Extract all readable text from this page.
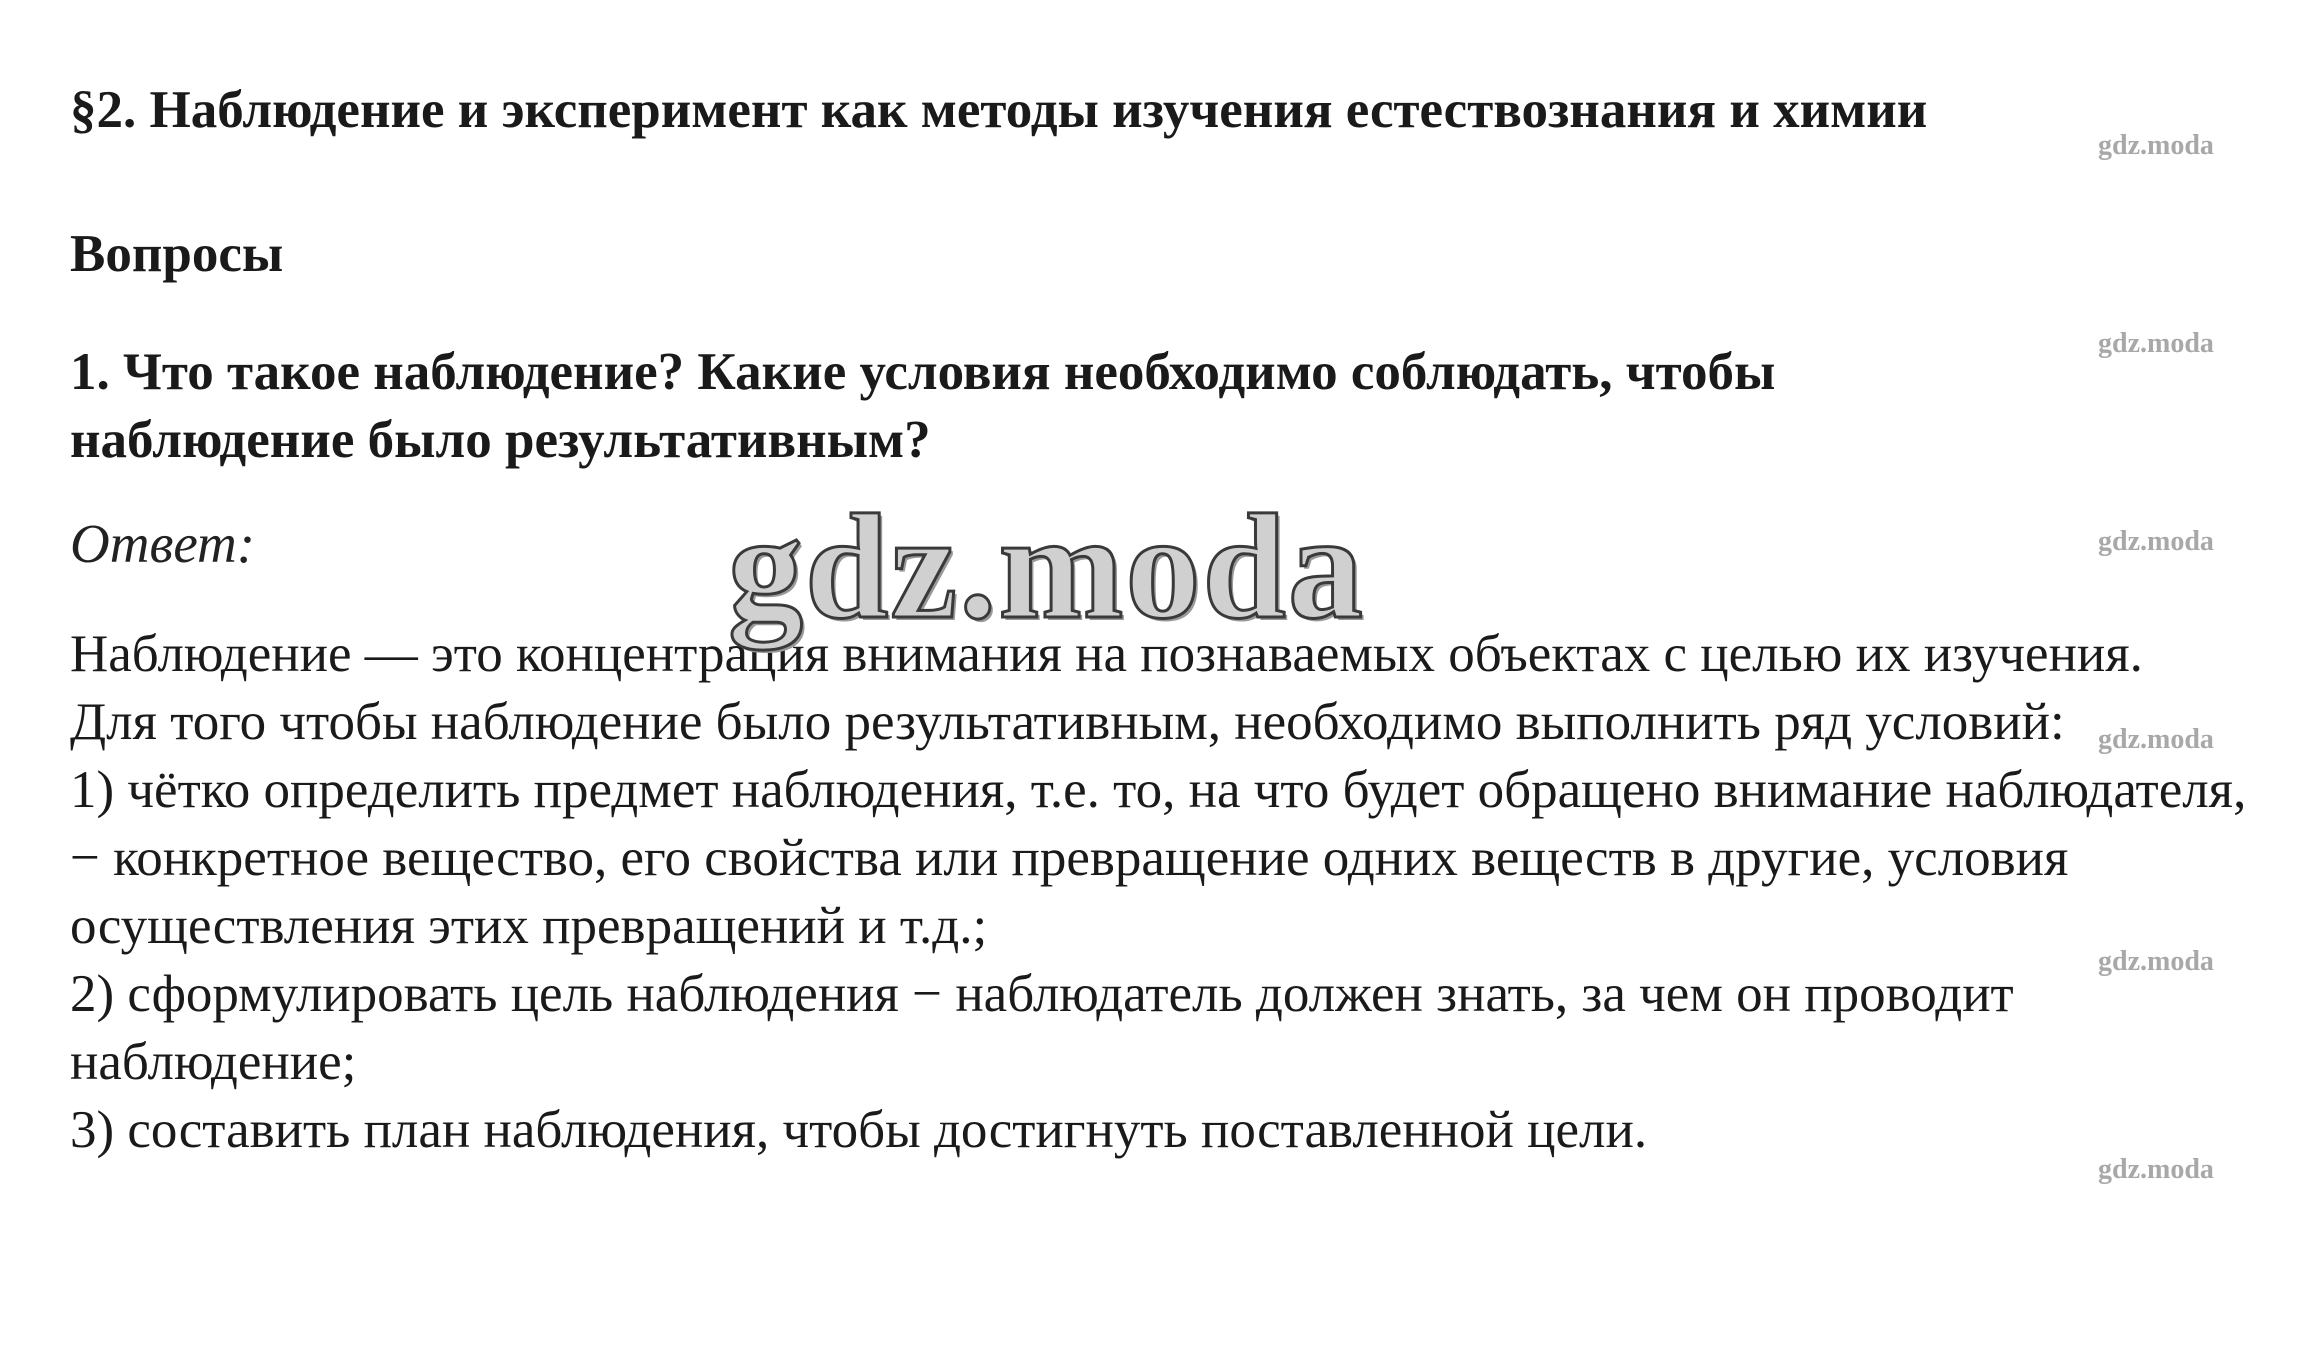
§2. Наблюдение и эксперимент как методы изучения естествознания и химии
Вопросы

1. Что такое наблюдение? Какие условия необходимо соблюдать, чтобы
наблюдение было результативным?

Ответ:

Наблюдение — это концентрация внимания на познаваемых объектах с целью их изучения.

Для того чтобы наблюдение было результативным, необходимо выполнить ряд условий:

1) чётко определить предмет наблюдения, т.е. то, на что будет обращено внимание наблюдателя, − конкретное вещество, его свойства или превращение одних веществ в другие, условия осуществления этих превращений и т.д.;

2) сформулировать цель наблюдения − наблюдатель должен знать, за чем он проводит наблюдение;

3) составить план наблюдения, чтобы достигнуть поставленной цели.

gdz.moda
gdz.moda
gdz.moda
gdz.moda
gdz.moda
gdz.moda
gdz.moda
